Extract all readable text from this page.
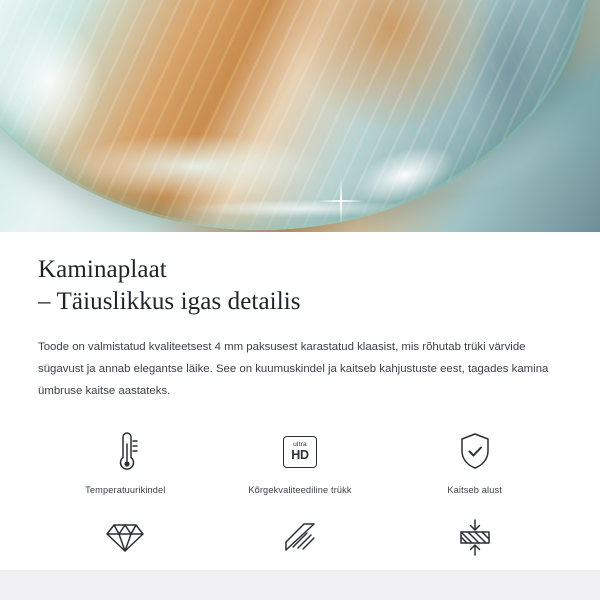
Kaminaplaat
– Täiuslikkus igas detailis

Toode on valmistatud kvaliteetsest 4 mm paksusest karastatud klaasist, mis rõhutab trüki värvide sügavust ja annab elegantse läike. See on kuumuskindel ja kaitseb kahjustuste eest, tagades kamina ümbruse kaitse aastateks.

Temperatuurikindel
ultra
HD
Kõrgekvaliteediline trükk	Kaitseb alust
